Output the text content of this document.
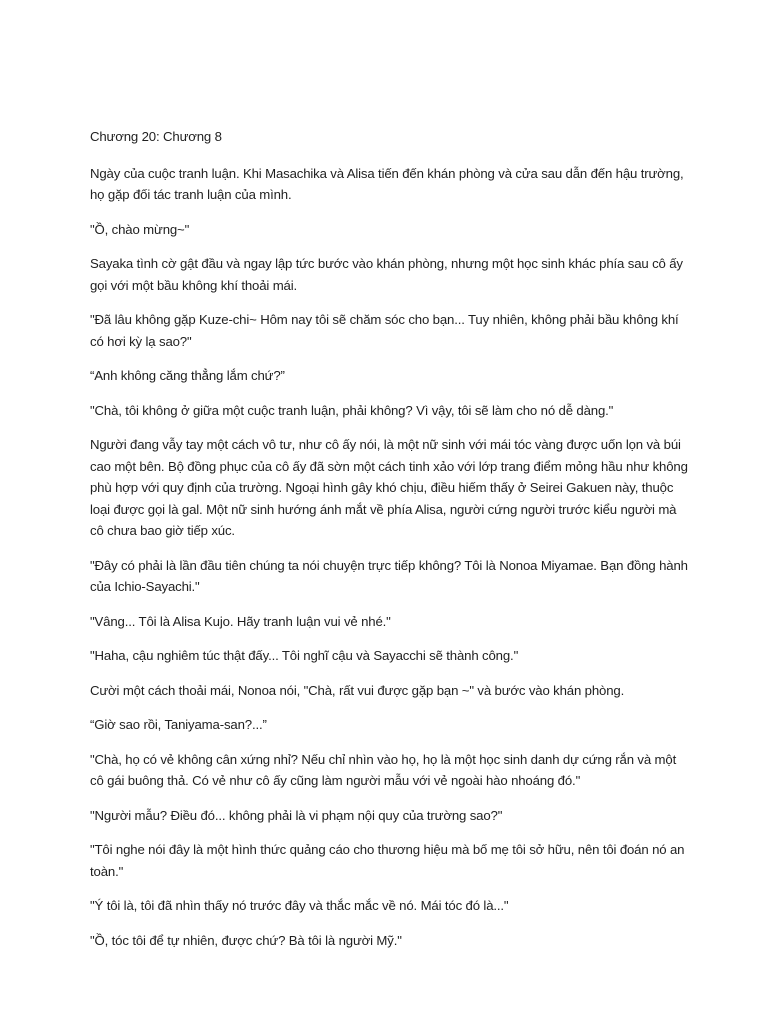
Chương 20: Chương 8

Ngày của cuộc tranh luận. Khi Masachika và Alisa tiến đến khán phòng và cửa sau dẫn đến hậu trường, họ gặp đối tác tranh luận của mình.

"Ồ, chào mừng~"

Sayaka tình cờ gật đầu và ngay lập tức bước vào khán phòng, nhưng một học sinh khác phía sau cô ấy gọi với một bầu không khí thoải mái.

"Đã lâu không gặp Kuze-chi~ Hôm nay tôi sẽ chăm sóc cho bạn... Tuy nhiên, không phải bầu không khí có hơi kỳ lạ sao?"

“Anh không căng thẳng lắm chứ?”

"Chà, tôi không ở giữa một cuộc tranh luận, phải không? Vì vậy, tôi sẽ làm cho nó dễ dàng."

Người đang vẫy tay một cách vô tư, như cô ấy nói, là một nữ sinh với mái tóc vàng được uốn lọn và búi cao một bên. Bộ đồng phục của cô ấy đã sờn một cách tinh xảo với lớp trang điểm mỏng hầu như không phù hợp với quy định của trường. Ngoại hình gây khó chịu, điều hiếm thấy ở Seirei Gakuen này, thuộc loại được gọi là gal. Một nữ sinh hướng ánh mắt về phía Alisa, người cứng người trước kiểu người mà cô chưa bao giờ tiếp xúc.

"Đây có phải là lần đầu tiên chúng ta nói chuyện trực tiếp không? Tôi là Nonoa Miyamae. Bạn đồng hành của Ichio-Sayachi."

"Vâng... Tôi là Alisa Kujo. Hãy tranh luận vui vẻ nhé."

"Haha, cậu nghiêm túc thật đấy... Tôi nghĩ cậu và Sayacchi sẽ thành công."

Cười một cách thoải mái, Nonoa nói, "Chà, rất vui được gặp bạn ~" và bước vào khán phòng.

“Giờ sao rồi, Taniyama-san?...”

"Chà, họ có vẻ không cân xứng nhỉ? Nếu chỉ nhìn vào họ, họ là một học sinh danh dự cứng rắn và một cô gái buông thả. Có vẻ như cô ấy cũng làm người mẫu với vẻ ngoài hào nhoáng đó."

"Người mẫu? Điều đó... không phải là vi phạm nội quy của trường sao?"

"Tôi nghe nói đây là một hình thức quảng cáo cho thương hiệu mà bố mẹ tôi sở hữu, nên tôi đoán nó an toàn."

"Ý tôi là, tôi đã nhìn thấy nó trước đây và thắc mắc về nó. Mái tóc đó là..."

"Ồ, tóc tôi để tự nhiên, được chứ? Bà tôi là người Mỹ."
